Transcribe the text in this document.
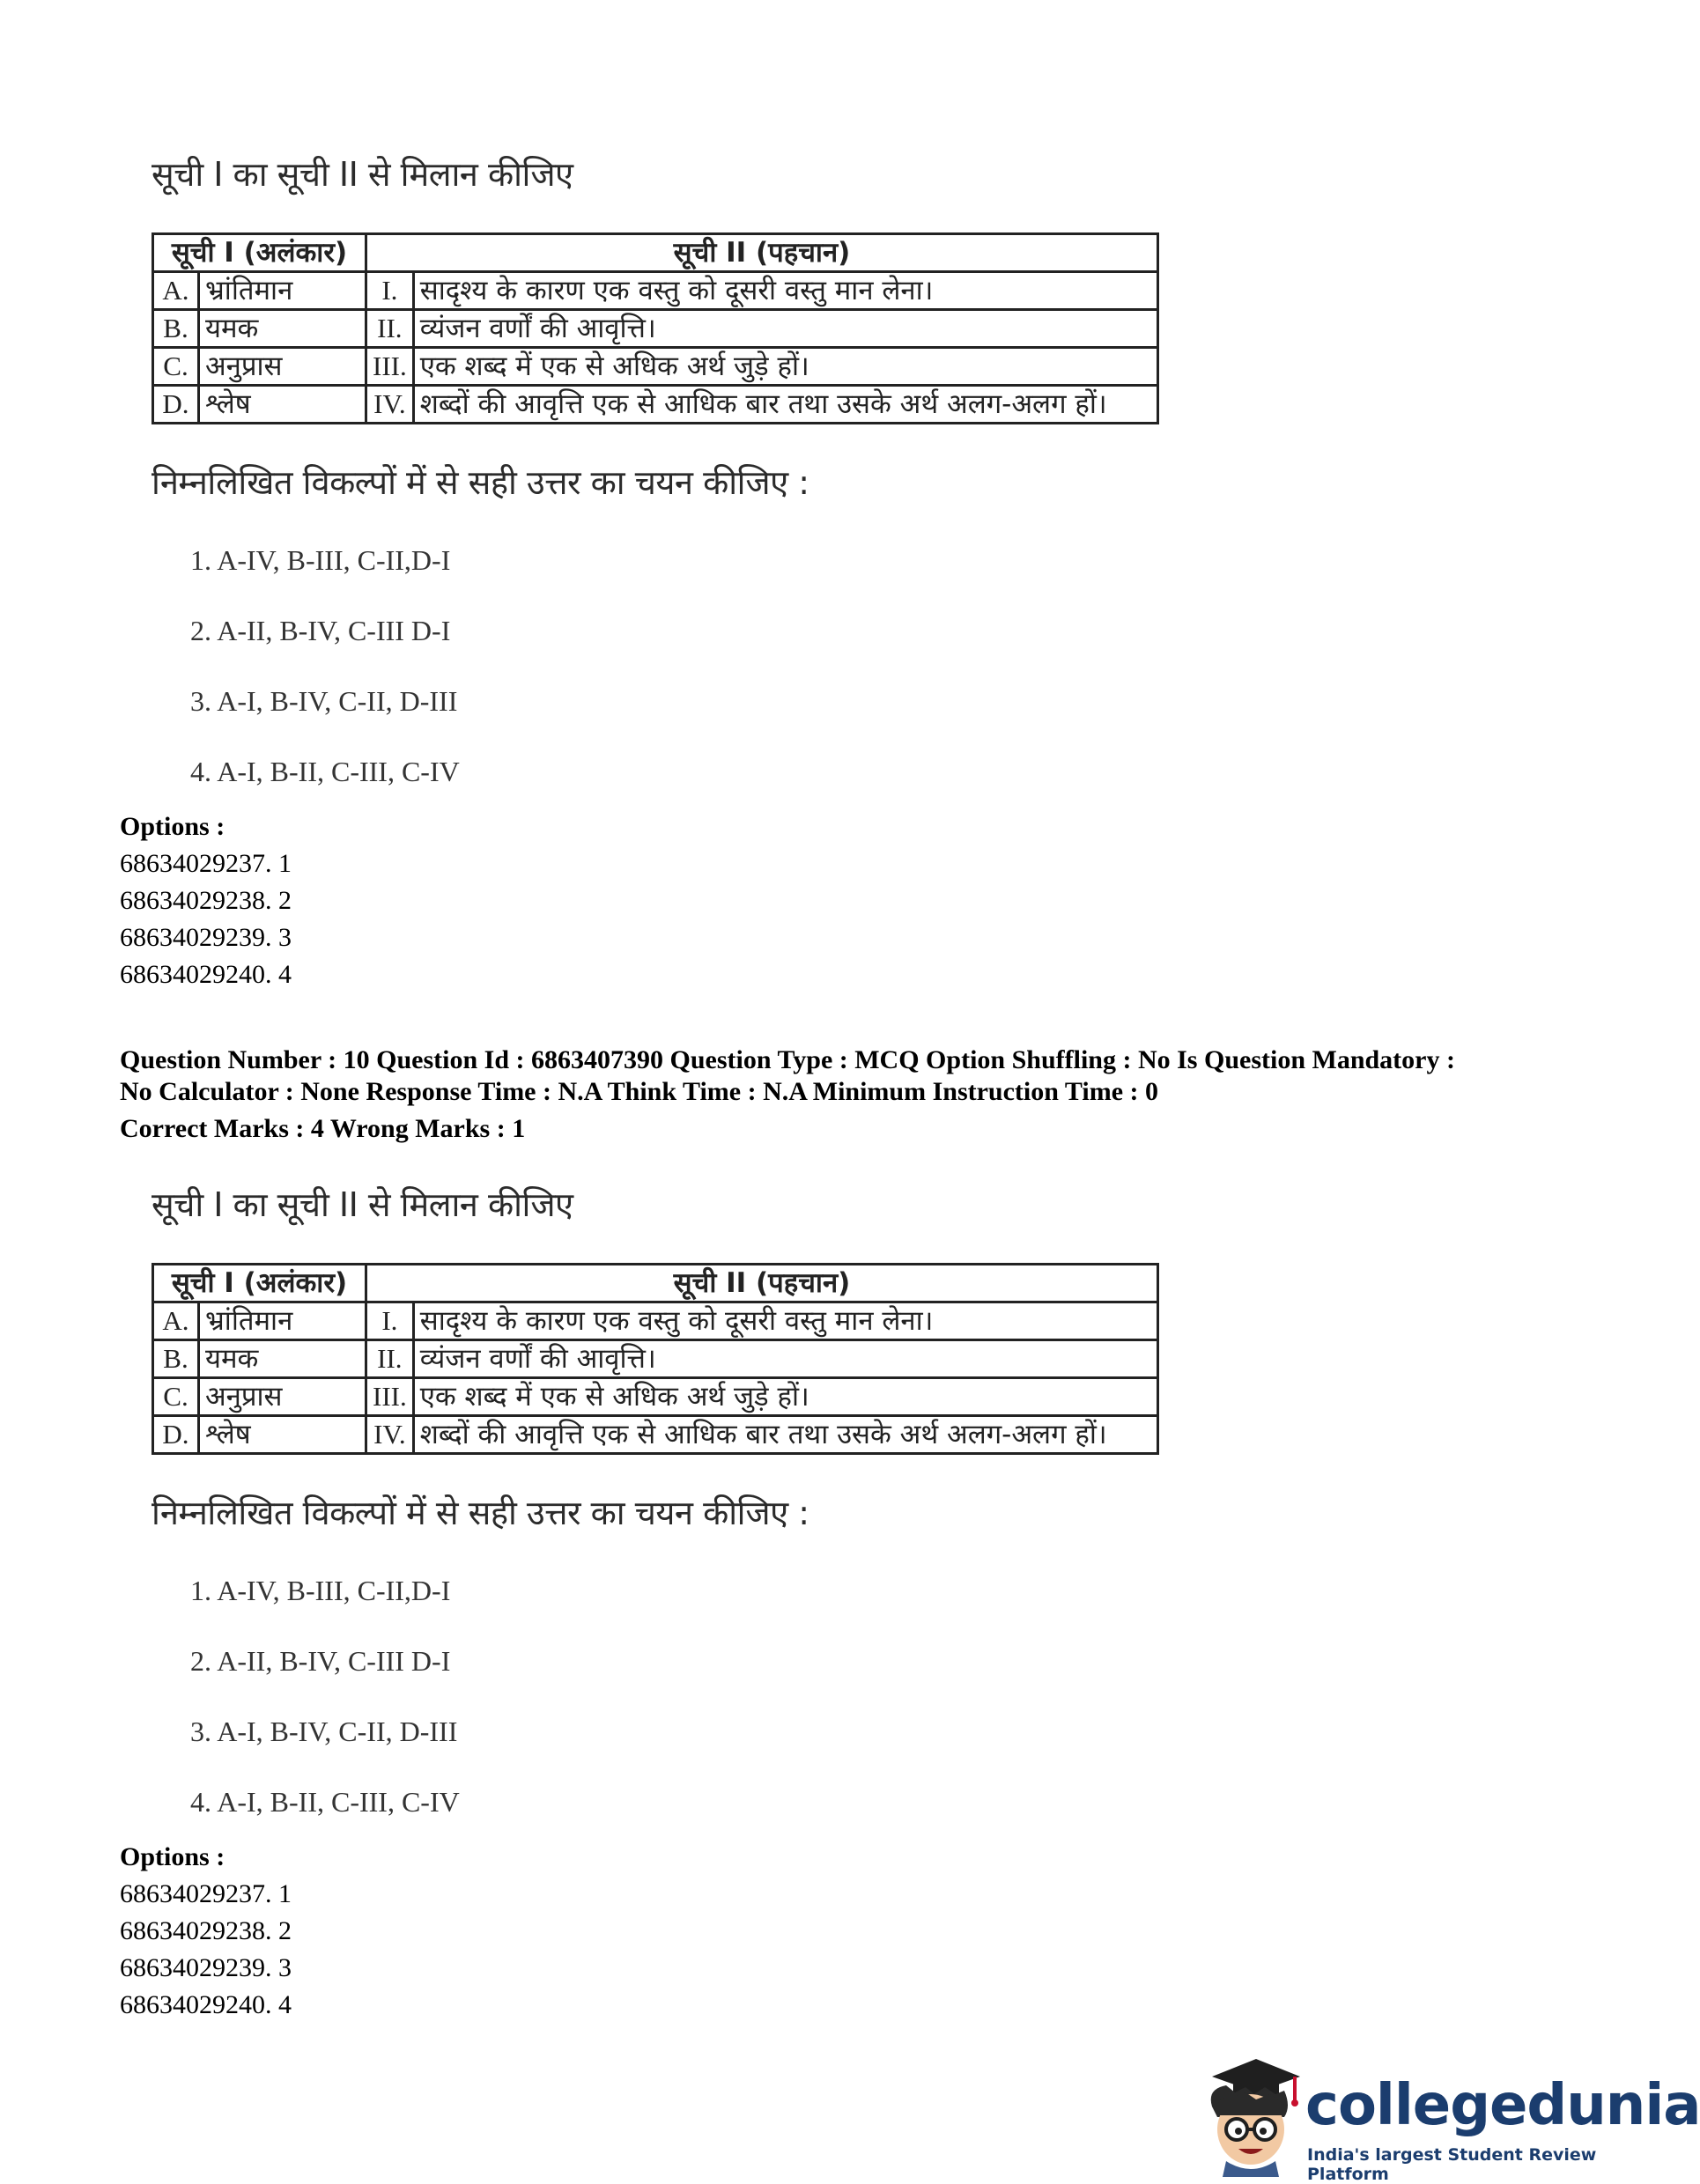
सूची I का सूची II से मिलान कीजिए
सूची I (अलंकार)		सूची II (पहचान)	
A.	भ्रांतिमान	I.	सादृश्य के कारण एक वस्तु को दूसरी वस्तु मान लेना।
B.	यमक	II.	व्यंजन वर्णों की आवृत्ति।
C.	अनुप्रास	III.	एक शब्द में एक से अधिक अर्थ जुड़े हों।
D.	श्लेष	IV.	शब्दों की आवृत्ति एक से आधिक बार तथा उसके अर्थ अलग-अलग हों।
निम्नलिखित विकल्पों में से सही उत्तर का चयन कीजिए :
1. A-IV, B-III, C-II,D-I
2. A-II, B-IV, C-III D-I
3. A-I, B-IV, C-II, D-III
4. A-I, B-II, C-III, C-IV
Options :
68634029237. 1
68634029238. 2
68634029239. 3
68634029240. 4
Question Number : 10 Question Id : 6863407390 Question Type : MCQ Option Shuffling : No Is Question Mandatory :
No Calculator : None Response Time : N.A Think Time : N.A Minimum Instruction Time : 0
Correct Marks : 4 Wrong Marks : 1
सूची I का सूची II से मिलान कीजिए
सूची I (अलंकार)		सूची II (पहचान)	
A.	भ्रांतिमान	I.	सादृश्य के कारण एक वस्तु को दूसरी वस्तु मान लेना।
B.	यमक	II.	व्यंजन वर्णों की आवृत्ति।
C.	अनुप्रास	III.	एक शब्द में एक से अधिक अर्थ जुड़े हों।
D.	श्लेष	IV.	शब्दों की आवृत्ति एक से आधिक बार तथा उसके अर्थ अलग-अलग हों।
निम्नलिखित विकल्पों में से सही उत्तर का चयन कीजिए :
1. A-IV, B-III, C-II,D-I
2. A-II, B-IV, C-III D-I
3. A-I, B-IV, C-II, D-III
4. A-I, B-II, C-III, C-IV
Options :
68634029237. 1
68634029238. 2
68634029239. 3
68634029240. 4
collegedunia
India's largest Student Review Platform
